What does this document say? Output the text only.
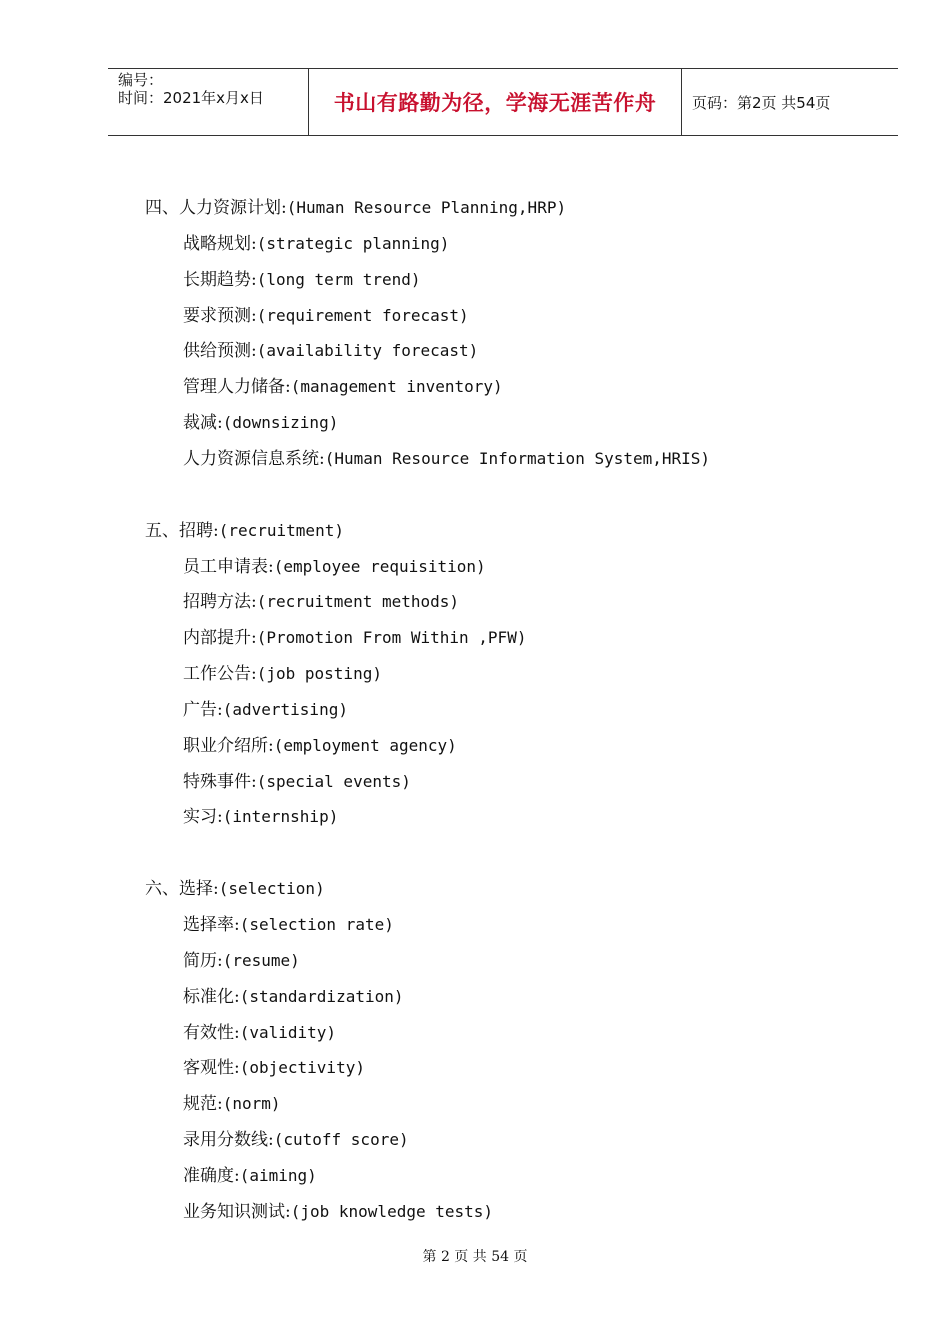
编号：
时间：2021年x月x日	书山有路勤为径，学海无涯苦作舟 页码：第2页 共54页
四、人力资源计划:(Human Resource Planning,HRP)
战略规划:(strategic planning)
长期趋势:(long term trend)
要求预测:(requirement forecast)
供给预测:(availability forecast)
管理人力储备:(management inventory)
裁减:(downsizing)
人力资源信息系统:(Human Resource Information System,HRIS)
五、招聘:(recruitment)
员工申请表:(employee requisition)
招聘方法:(recruitment methods)
内部提升:(Promotion From Within ,PFW)
工作公告:(job posting)
广告:(advertising)
职业介绍所:(employment agency)
特殊事件:(special events)
实习:(internship)
六、选择:(selection)
选择率:(selection rate)
简历:(resume)
标准化:(standardization)
有效性:(validity)
客观性:(objectivity)
规范:(norm)
录用分数线:(cutoff score)
准确度:(aiming)
业务知识测试:(job knowledge tests)
第 2 页 共 54 页
